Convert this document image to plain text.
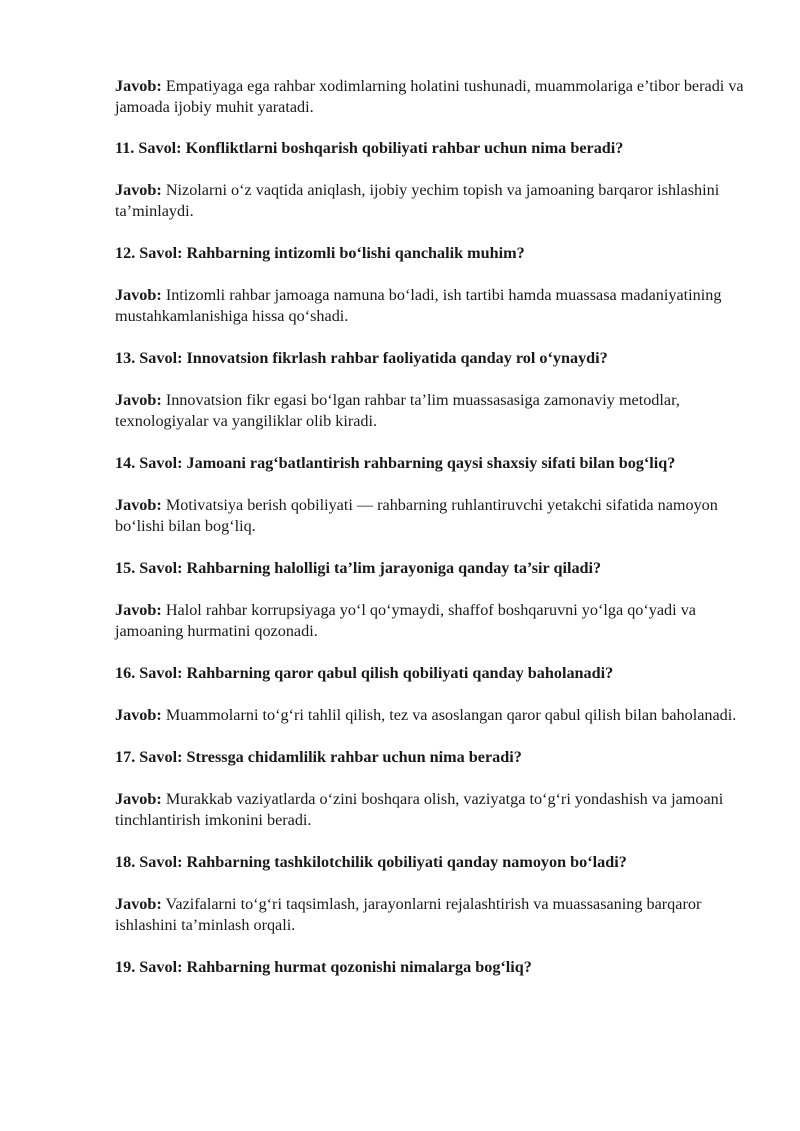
Javob: Empatiyaga ega rahbar xodimlarning holatini tushunadi, muammolariga e’tibor beradi va jamoada ijobiy muhit yaratadi.

11. Savol: Konfliktlarni boshqarish qobiliyati rahbar uchun nima beradi?

Javob: Nizolarni o‘z vaqtida aniqlash, ijobiy yechim topish va jamoaning barqaror ishlashini ta’minlaydi.

12. Savol: Rahbarning intizomli bo‘lishi qanchalik muhim?

Javob: Intizomli rahbar jamoaga namuna bo‘ladi, ish tartibi hamda muassasa madaniyatining mustahkamlanishiga hissa qo‘shadi.

13. Savol: Innovatsion fikrlash rahbar faoliyatida qanday rol o‘ynaydi?

Javob: Innovatsion fikr egasi bo‘lgan rahbar ta’lim muassasasiga zamonaviy metodlar, texnologiyalar va yangiliklar olib kiradi.

14. Savol: Jamoani rag‘batlantirish rahbarning qaysi shaxsiy sifati bilan bog‘liq?

Javob: Motivatsiya berish qobiliyati — rahbarning ruhlantiruvchi yetakchi sifatida namoyon bo‘lishi bilan bog‘liq.

15. Savol: Rahbarning halolligi ta’lim jarayoniga qanday ta’sir qiladi?

Javob: Halol rahbar korrupsiyaga yo‘l qo‘ymaydi, shaffof boshqaruvni yo‘lga qo‘yadi va jamoaning hurmatini qozonadi.

16. Savol: Rahbarning qaror qabul qilish qobiliyati qanday baholanadi?

Javob: Muammolarni to‘g‘ri tahlil qilish, tez va asoslangan qaror qabul qilish bilan baholanadi.

17. Savol: Stressga chidamlilik rahbar uchun nima beradi?

Javob: Murakkab vaziyatlarda o‘zini boshqara olish, vaziyatga to‘g‘ri yondashish va jamoani tinchlantirish imkonini beradi.

18. Savol: Rahbarning tashkilotchilik qobiliyati qanday namoyon bo‘ladi?

Javob: Vazifalarni to‘g‘ri taqsimlash, jarayonlarni rejalashtirish va muassasaning barqaror ishlashini ta’minlash orqali.

19. Savol: Rahbarning hurmat qozonishi nimalarga bog‘liq?
